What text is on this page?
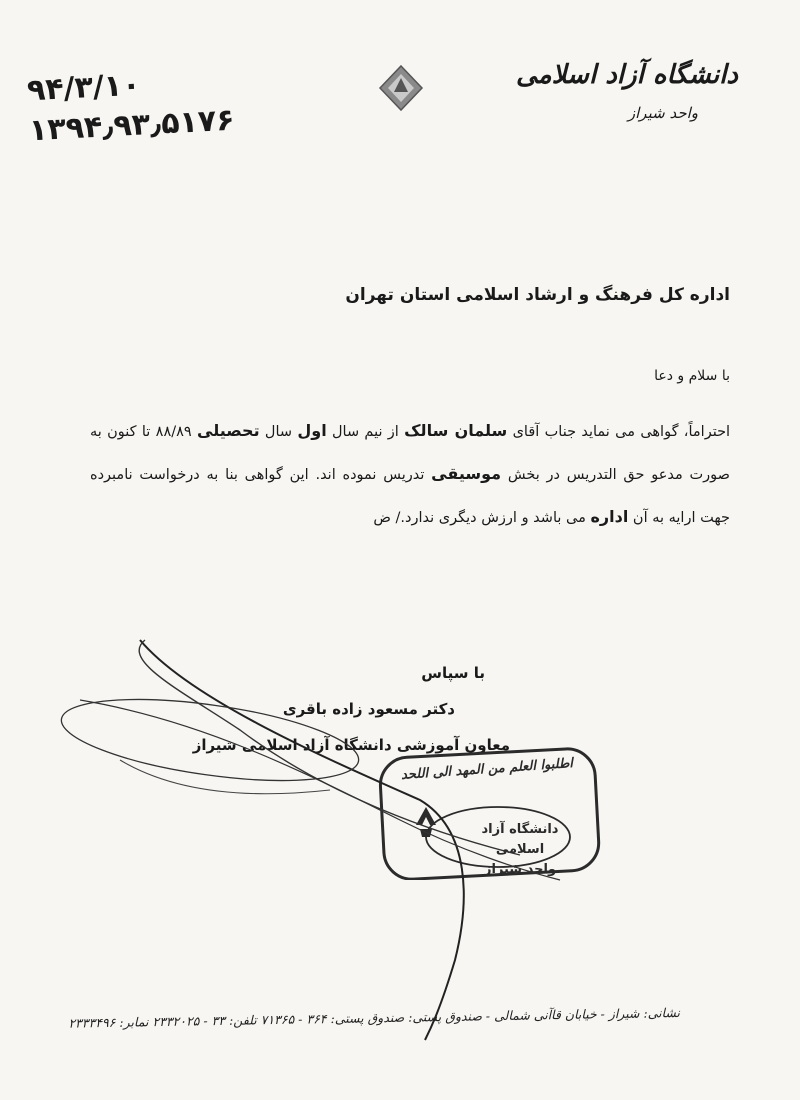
دانشگاه آزاد اسلامی
واحد شیراز
۹۴/۳/۱۰
۱۳۹۴٫۹۳٫۵۱۷۶
اداره کل فرهنگ و ارشاد اسلامی استان تهران
با سلام و دعا
احتراماً، گواهی می نماید جناب آقای سلمان سالک از نیم سال اول سال تحصیلی ۸۸/۸۹ تا کنون به صورت مدعو حق التدریس در بخش موسیقی تدریس نموده اند. این گواهی بنا به درخواست نامبرده جهت ارایه به آن اداره می باشد و ارزش دیگری ندارد./ ض
با سپاس
دکتر مسعود زاده باقری
معاون آموزشی دانشگاه آزاد اسلامی شیراز
اطلبوا العلم من المهد الی اللحد
دانشگاه آزاد اسلامی
واحد شیراز
نشانی: شیراز - خیابان قاآنی شمالی - صندوق پستی: صندوق پستی: ۳۶۴ - ۷۱۳۶۵ تلفن: ۳۳ - ۲۳۳۲۰۲۵ نمابر: ۲۳۳۳۴۹۶
